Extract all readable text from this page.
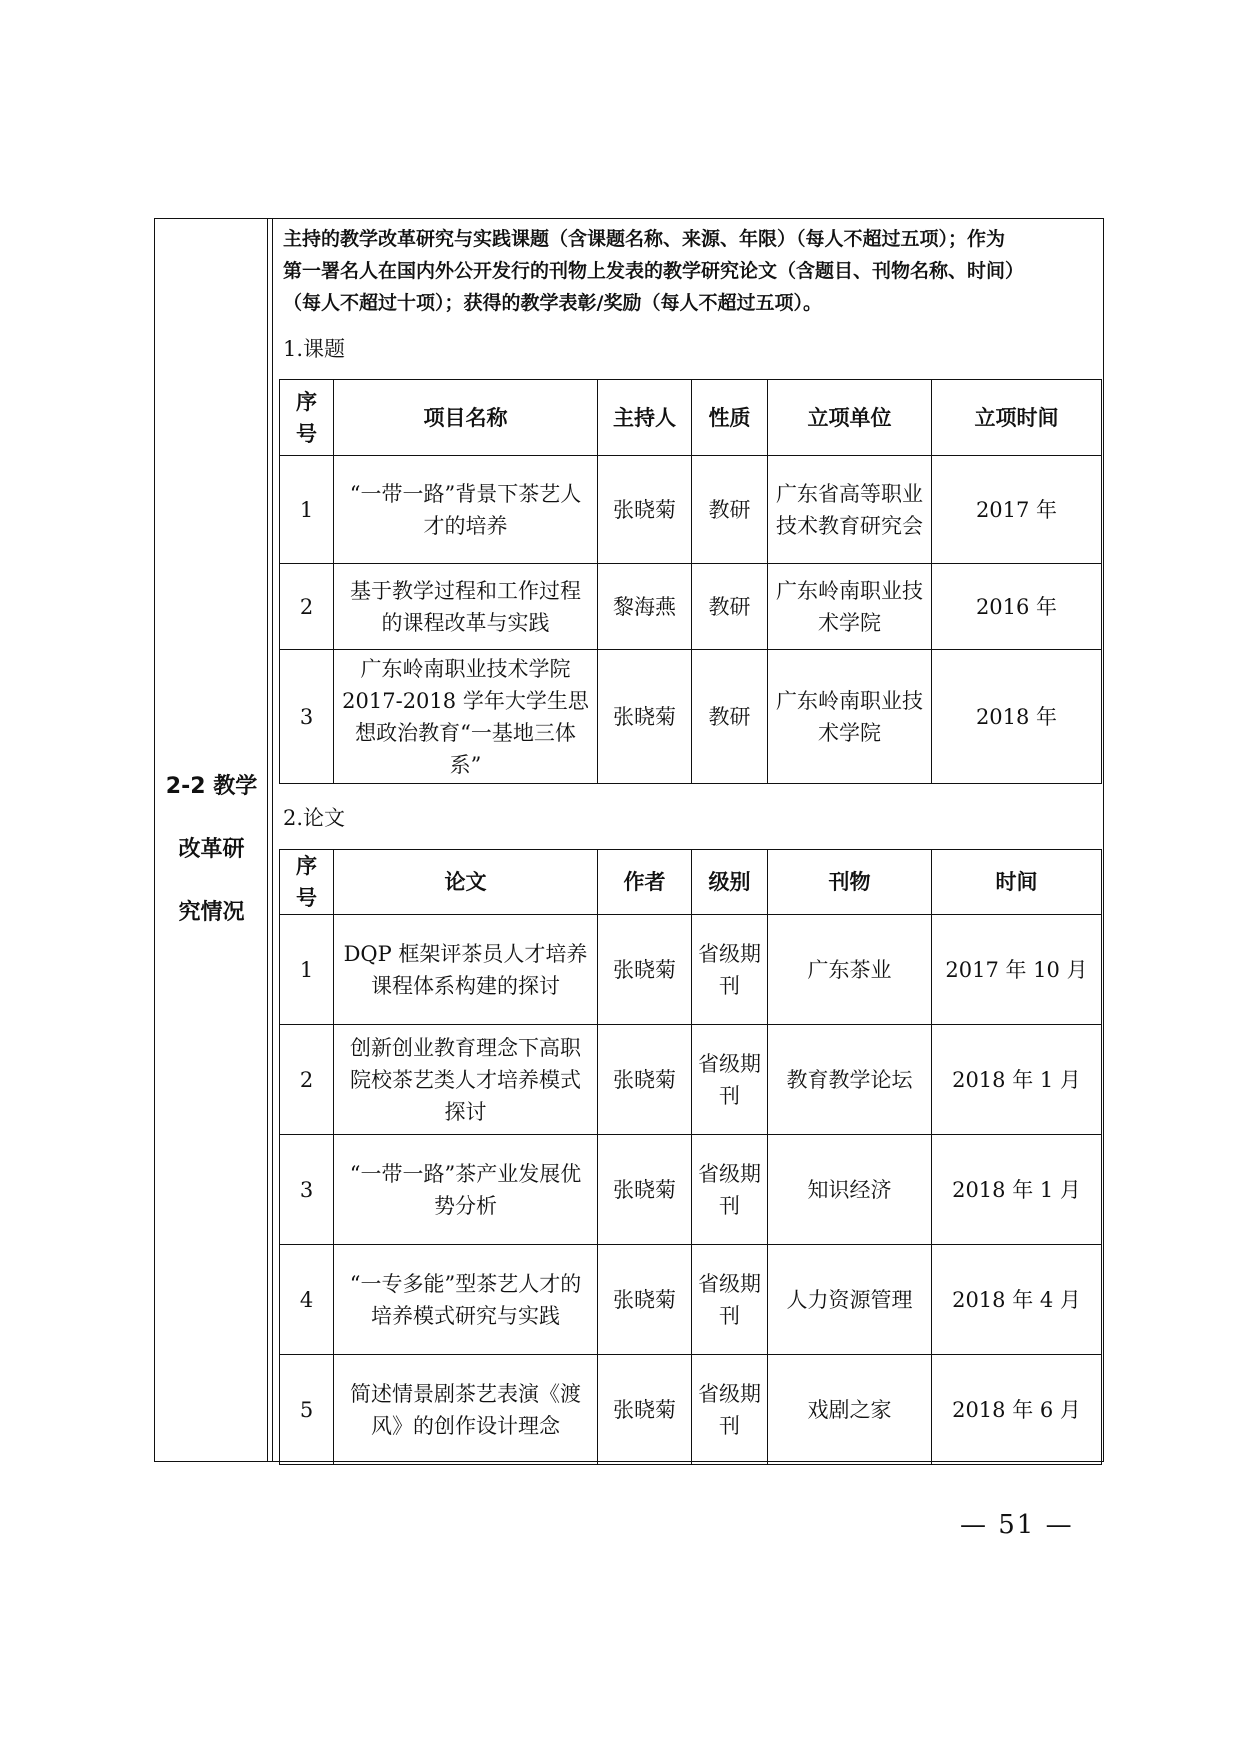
2-2 教学
改革研
究情况
主持的教学改革研究与实践课题（含课题名称、来源、年限）（每人不超过五项）；作为
第一署名人在国内外公开发行的刊物上发表的教学研究论文（含题目、刊物名称、时间）
（每人不超过十项）；获得的教学表彰/奖励（每人不超过五项）。
1.课题
序号	项目名称	主持人	性质	立项单位	立项时间
1	“一带一路”背景下茶艺人才的培养	张晓菊	教研	广东省高等职业技术教育研究会	2017 年
2	基于教学过程和工作过程的课程改革与实践	黎海燕	教研	广东岭南职业技术学院	2016 年
3	广东岭南职业技术学院 2017-2018 学年大学生思想政治教育“一基地三体系”	张晓菊	教研	广东岭南职业技术学院	2018 年
2.论文
序号	论文	作者	级别	刊物	时间
1	DQP 框架评茶员人才培养课程体系构建的探讨	张晓菊	省级期刊	广东茶业	2017 年 10 月
2	创新创业教育理念下高职院校茶艺类人才培养模式探讨	张晓菊	省级期刊	教育教学论坛	2018 年 1 月
3	“一带一路”茶产业发展优势分析	张晓菊	省级期刊	知识经济	2018 年 1 月
4	“一专多能”型茶艺人才的培养模式研究与实践	张晓菊	省级期刊	人力资源管理	2018 年 4 月
5	简述情景剧茶艺表演《渡风》的创作设计理念	张晓菊	省级期刊	戏剧之家	2018 年 6 月
— 51 —
